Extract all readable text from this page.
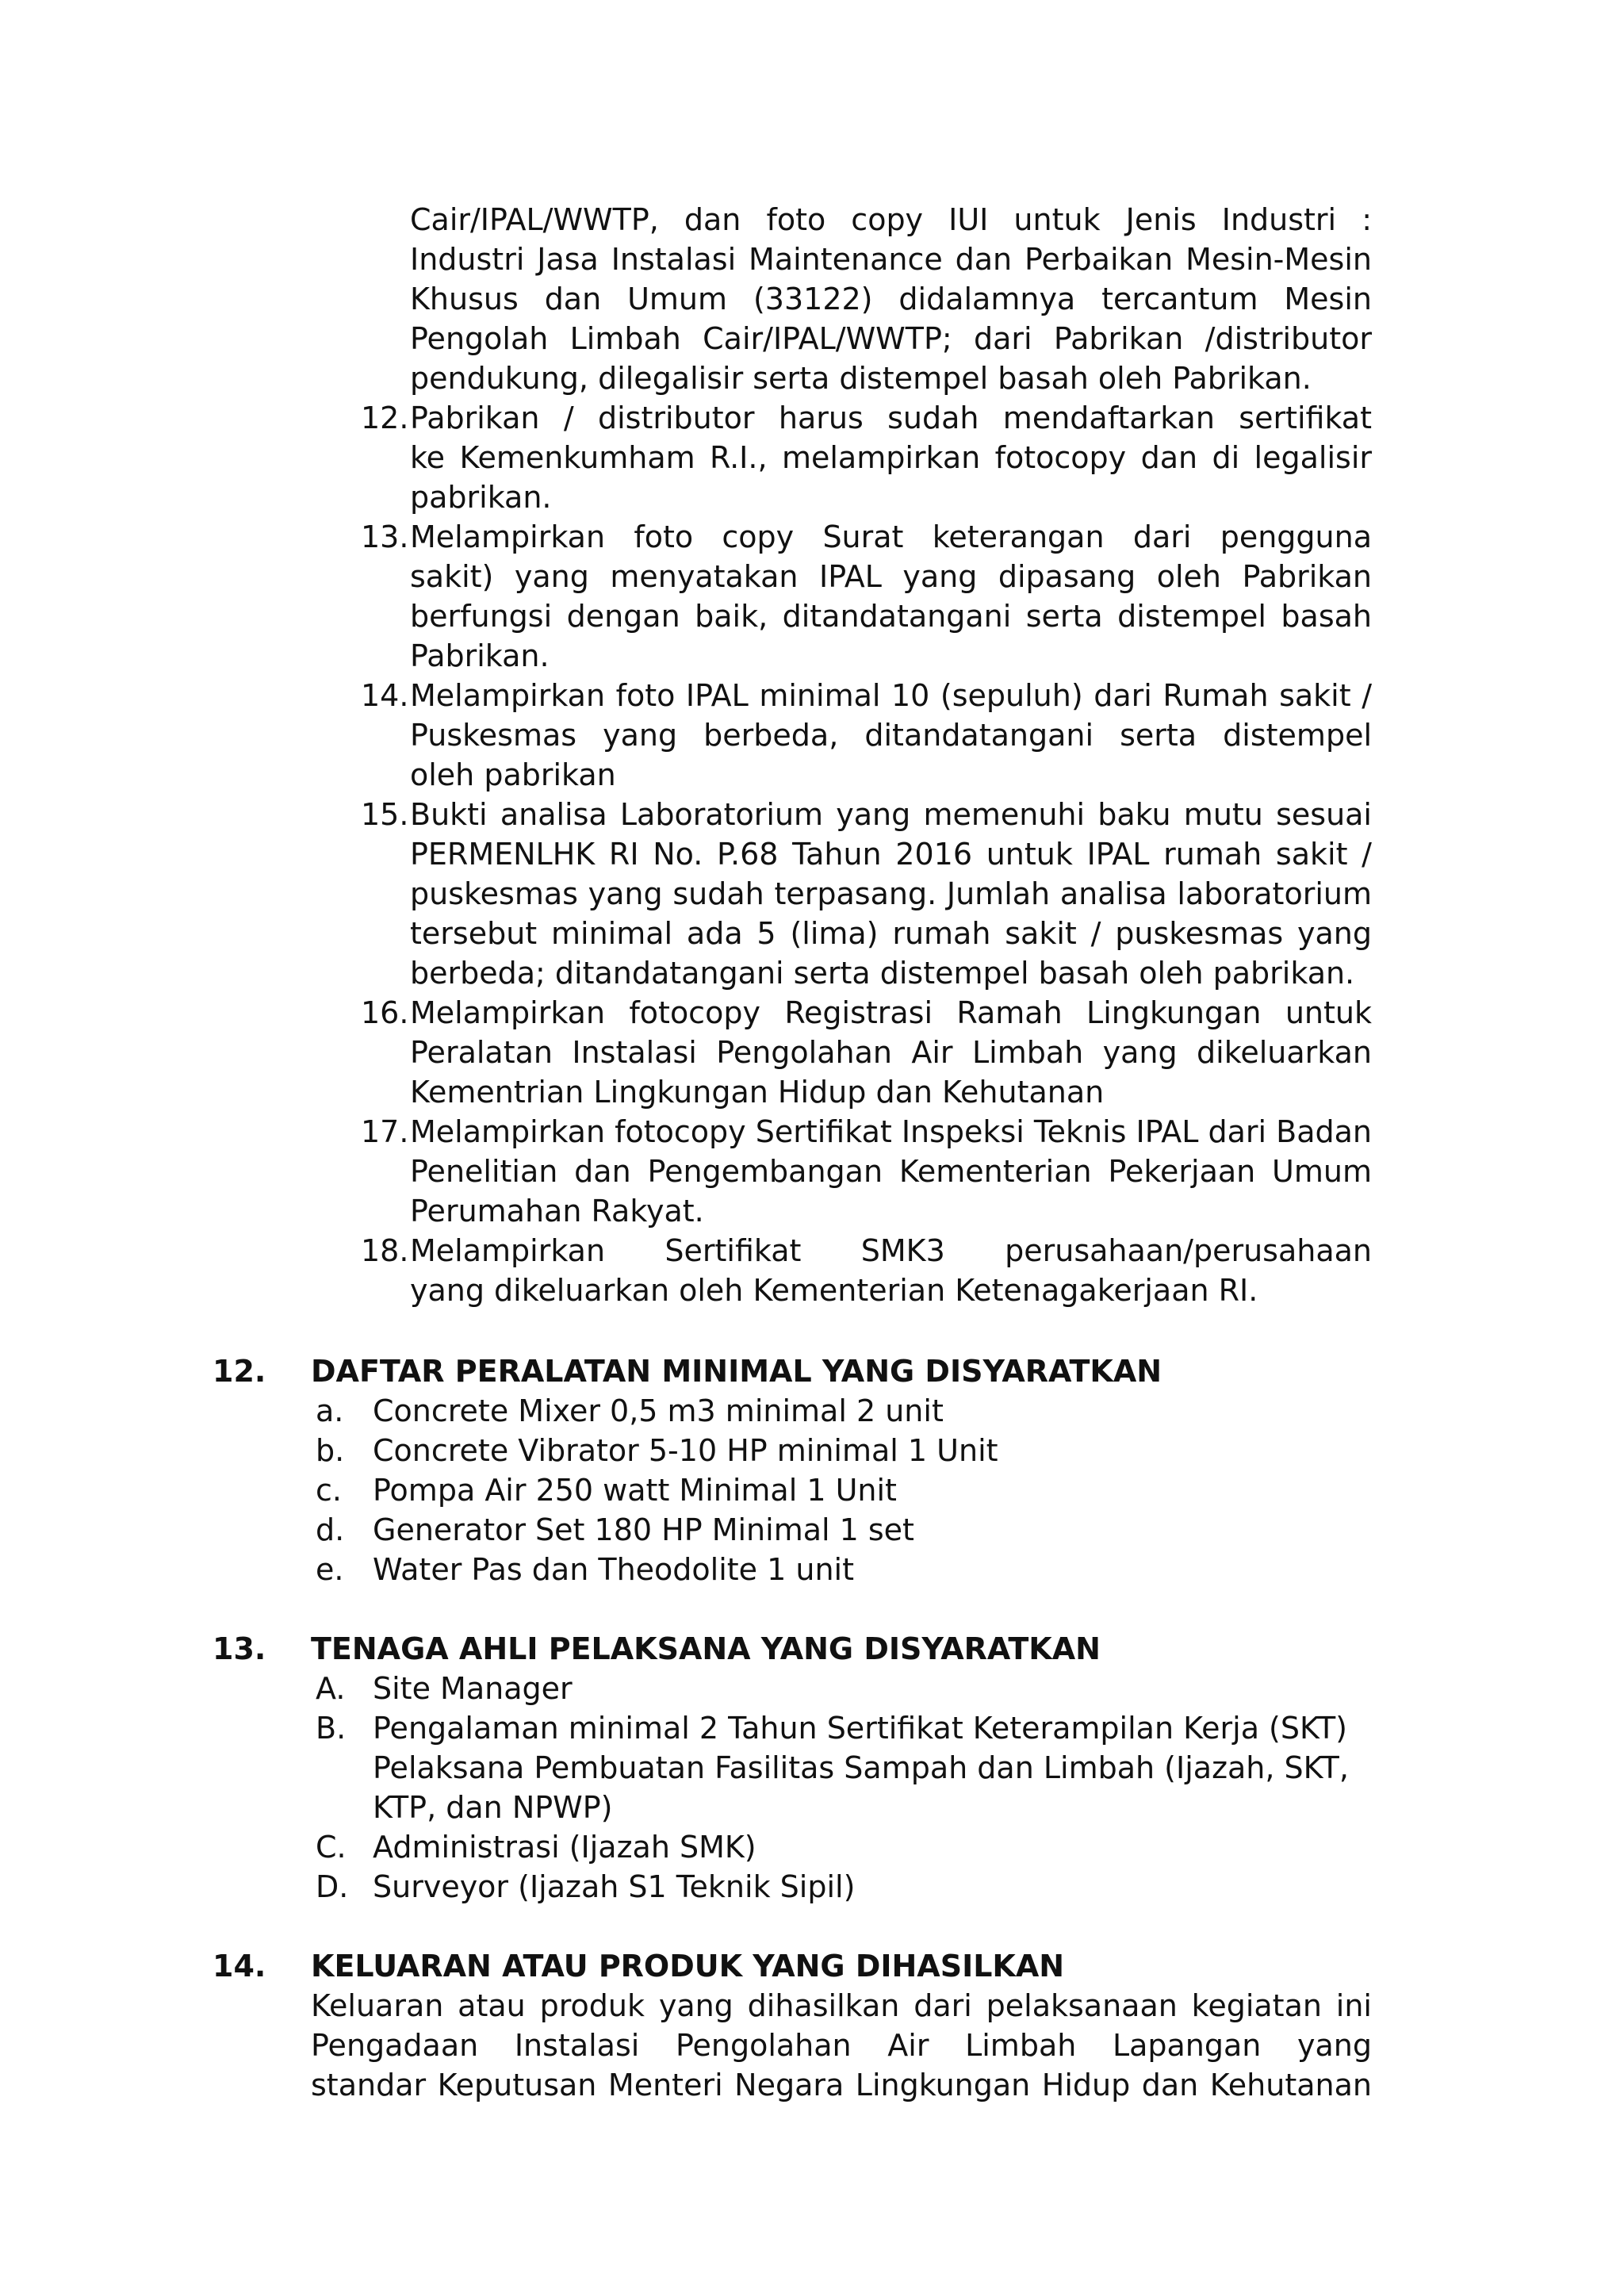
Cair/IPAL/WWTP, dan foto copy IUI untuk Jenis Industri :
Industri Jasa Instalasi Maintenance dan Perbaikan Mesin-Mesin
Khusus dan Umum (33122) didalamnya tercantum Mesin
Pengolah Limbah Cair/IPAL/WWTP; dari Pabrikan /distributor
pendukung, dilegalisir serta distempel basah oleh Pabrikan.
12. Pabrikan / distributor harus sudah mendaftarkan sertifikat
ke Kemenkumham R.I., melampirkan fotocopy dan di legalisir
pabrikan.
13. Melampirkan foto copy Surat keterangan dari pengguna
sakit) yang menyatakan IPAL yang dipasang oleh Pabrikan
berfungsi dengan baik, ditandatangani serta distempel basah
Pabrikan.
14. Melampirkan foto IPAL minimal 10 (sepuluh) dari Rumah sakit /
Puskesmas yang berbeda, ditandatangani serta distempel
oleh pabrikan
15. Bukti analisa Laboratorium yang memenuhi baku mutu sesuai
PERMENLHK RI No. P.68 Tahun 2016 untuk IPAL rumah sakit /
puskesmas yang sudah terpasang. Jumlah analisa laboratorium
tersebut minimal ada 5 (lima) rumah sakit / puskesmas yang
berbeda; ditandatangani serta distempel basah oleh pabrikan.
16. Melampirkan fotocopy Registrasi Ramah Lingkungan untuk
Peralatan Instalasi Pengolahan Air Limbah yang dikeluarkan
Kementrian Lingkungan Hidup dan Kehutanan
17. Melampirkan fotocopy Sertifikat Inspeksi Teknis IPAL dari Badan
Penelitian dan Pengembangan Kementerian Pekerjaan Umum
Perumahan Rakyat.
18. Melampirkan Sertifikat SMK3 perusahaan/perusahaan
yang dikeluarkan oleh Kementerian Ketenagakerjaan RI.
12. DAFTAR PERALATAN MINIMAL YANG DISYARATKAN
a. Concrete Mixer 0,5 m3 minimal 2 unit
b. Concrete Vibrator 5-10 HP minimal 1 Unit
c. Pompa Air 250 watt Minimal 1 Unit
d. Generator Set 180 HP Minimal 1 set
e. Water Pas dan Theodolite 1 unit
13. TENAGA AHLI PELAKSANA YANG DISYARATKAN
A. Site Manager
B. Pengalaman minimal 2 Tahun Sertifikat Keterampilan Kerja (SKT)
Pelaksana Pembuatan Fasilitas Sampah dan Limbah (Ijazah, SKT,
KTP, dan NPWP)
C. Administrasi (Ijazah SMK)
D. Surveyor (Ijazah S1 Teknik Sipil)
14. KELUARAN ATAU PRODUK YANG DIHASILKAN
Keluaran atau produk yang dihasilkan dari pelaksanaan kegiatan ini
Pengadaan Instalasi Pengolahan Air Limbah Lapangan yang
standar Keputusan Menteri Negara Lingkungan Hidup dan Kehutanan
